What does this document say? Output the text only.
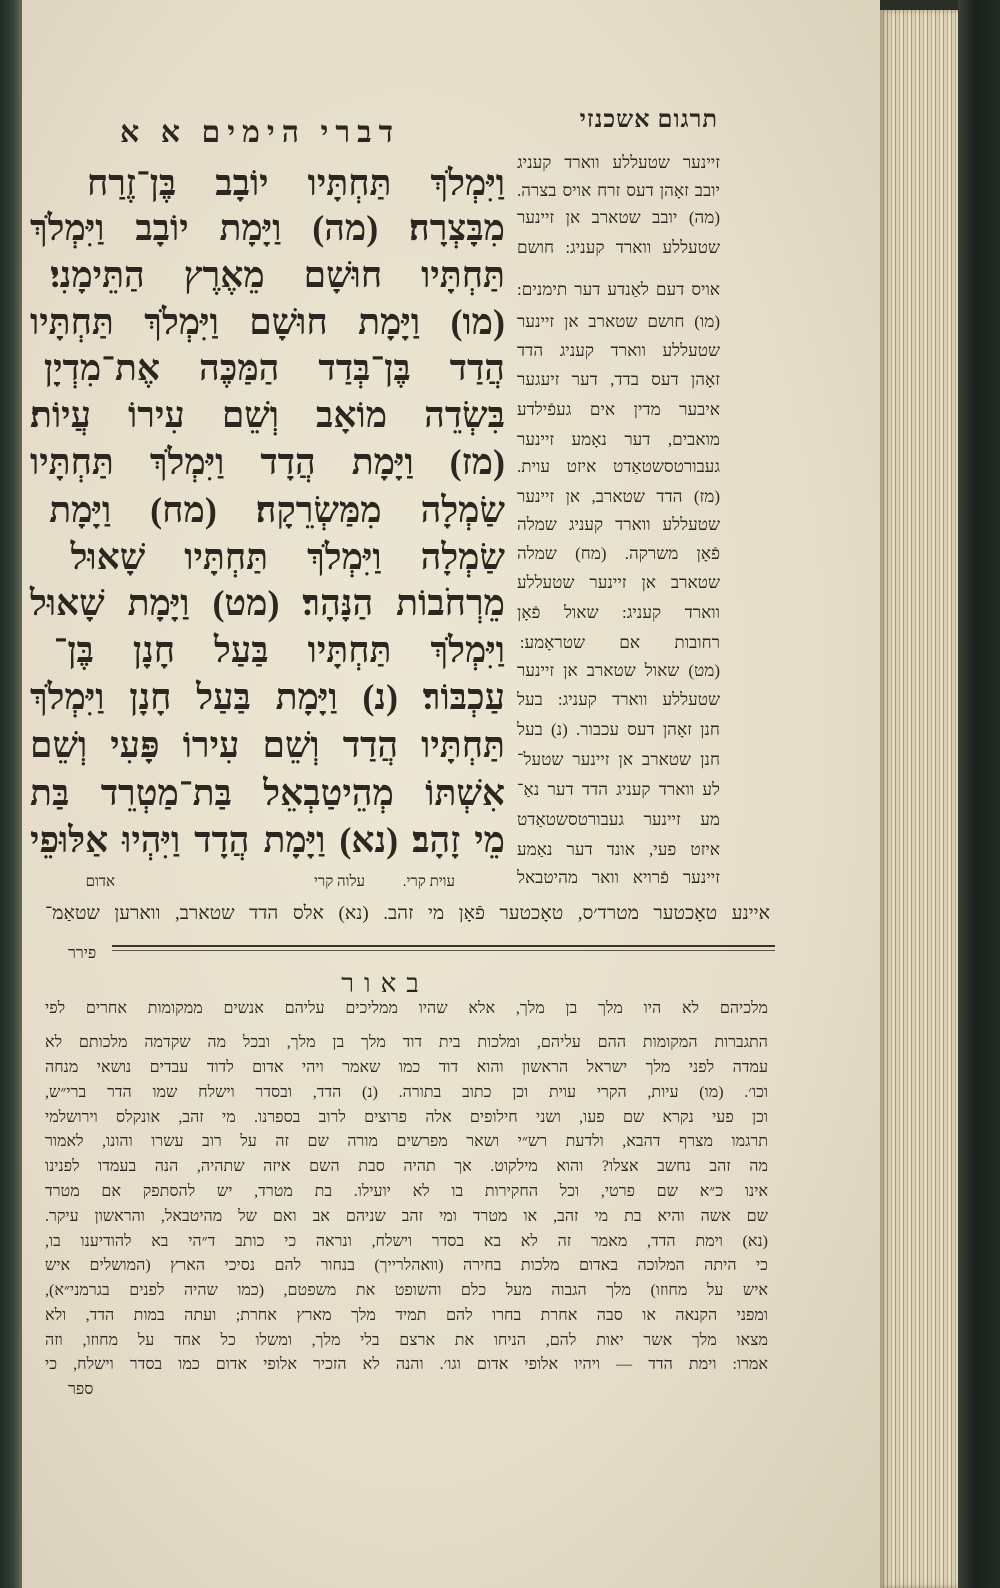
תרגום אשכנזי
דברי הימים א א
וַיִּמְלֹךְ תַּחְתָּיו יוֹבָב בֶּן־זֶרַח
מִבָּצְרָה׃ (מה) וַיָּמָת יוֹבָב וַיִּמְלֹךְ
תַּחְתָּיו חוּשָׁם מֵאֶרֶץ הַתֵּימָנִי׃
(מו) וַיָּמָת חוּשָׁם וַיִּמְלֹךְ תַּחְתָּיו
הֲדַד בֶּן־בְּדַד הַמַּכֶּה אֶת־מִדְיָן
בִּשְׂדֵה מוֹאָב וְשֵׁם עִירוֹ עֲיוֹת׃
(מז) וַיָּמָת הֲדָד וַיִּמְלֹךְ תַּחְתָּיו
שַׂמְלָה מִמַּשְׂרֵקָה׃ (מח) וַיָּמָת
שַׂמְלָה וַיִּמְלֹךְ תַּחְתָּיו שָׁאוּל
מֵרְחֹבוֹת הַנָּהָר׃ (מט) וַיָּמָת שָׁאוּל
וַיִּמְלֹךְ תַּחְתָּיו בַּעַל חָנָן בֶּן־
עַכְבּוֹר׃ (נ) וַיָּמָת בַּעַל חָנָן וַיִּמְלֹךְ
תַּחְתָּיו הֲדַד וְשֵׁם עִירוֹ פָּעִי וְשֵׁם
אִשְׁתּוֹ מְהֵיטַבְאֵל בַּת־מַטְרֵד בַּת
מֵי זָהָב׃ (נא) וַיָּמָת הֲדָד וַיִּהְיוּ אַלּוּפֵי
זיינער שטעללע ווארד קעניג
יובב זאָהן דעס זרח אויס בצרה.
(מה) יובב שטארב אן זיינער
שטעללע ווארד קעניג: חושם
אויס דעם לאַנדע דער תימנים:
(מו) חושם שטארב אן זיינער
שטעללע ווארד קעניג הדד
זאָהן דעס בדד, דער זיעגער
איבער מדין אים געפֿילדע
מואבים, דער נאָמע זיינער
געבורטסשטאַדט איזט עוית.
(מז) הדד שטארב, אן זיינער
שטעללע ווארד קעניג שמלה
פֿאָן משרקה. (מח) שמלה
שטארב אן זיינער שטעללע
ווארד קעניג: שאול פֿאָן
רחובות אם שטראָמע:
(מט) שאול שטארב אן זיינער
שטעללע ווארד קעניג: בעל
חנן זאָהן דעס עכבור. (נ) בעל
חנן שטארב אן זיינער שטעל־
לע ווארד קעניג הדד דער נאַ־
מע זיינער געבורטסשטאַדט
איזט פעי, אונד דער נאַמע
זיינער פֿרויא וואר מהיטבאל
עוית קרי.
עלוה קרי
אדום
איינע טאָכטער מטרד׳ס, טאָכטער פֿאָן מי זהב. (נא) אלס הדד שטארב, ווארען שטאַמ־
פירר
באור
מלכיהם לא היו מלך בן מלך, אלא שהיו ממליכים עליהם אנשים ממקומות אחרים לפי
התגברות המקומות ההם עליהם, ומלכות בית דוד מלך בן מלך, ובכל מה שקדמה מלכותם לא
עמדה לפני מלך ישראל הראשון והוא דוד כמו שאמר ויהי אדום לדוד עבדים נושאי מנחה
וכו׳. (מו) עיות, הקרי עוית וכן כתוב בתורה. (נ) הדד, ובסדר וישלח שמו הדר ברי״ש,
וכן פעי נקרא שם פעו, ושני חילופים אלה פרוצים לרוב בספרנו. מי זהב, אונקלס וירושלמי
תרגמו מצרף דהבא, ולדעת רש״י ושאר מפרשים מורה שם זה על רוב עשרו והונו, לאמור
מה זהב נחשב אצלו? והוא מילקוט. אך תהיה סבת השם איזה שתהיה, הנה בעמדו לפנינו
אינו כ״א שם פרטי, וכל החקירות בו לא יועילו. בת מטרד, יש להסתפק אם מטרד
שם אשה והיא בת מי זהב, או מטרד ומי זהב שניהם אב ואם של מהיטבאל, והראשון עיקר.
(נא) וימת הדד, מאמר זה לא בא בסדר וישלח, ונראה כי כותב ד״הי בא להודיענו בו,
כי היתה המלוכה באדום מלכות בחירה (וואהלרייך) בנחור להם נסיכי הארץ (המושלים איש
איש על מחוזו) מלך הגבוה מעל כלם והשופט את משפטם, (כמו שהיה לפנים בגרמני״א),
ומפני הקנאה או סבה אחרת בחרו להם תמיד מלך מארץ אחרת; ועתה במות הדד, ולא
מצאו מלך אשר יאות להם, הניחו את ארצם בלי מלך, ומשלו כל אחד על מחוזו, וזה
אמרו: וימת הדד — ויהיו אלופי אדום וגו׳. והנה לא הזכיר אלופי אדום כמו בסדר וישלח, כי
ספר
